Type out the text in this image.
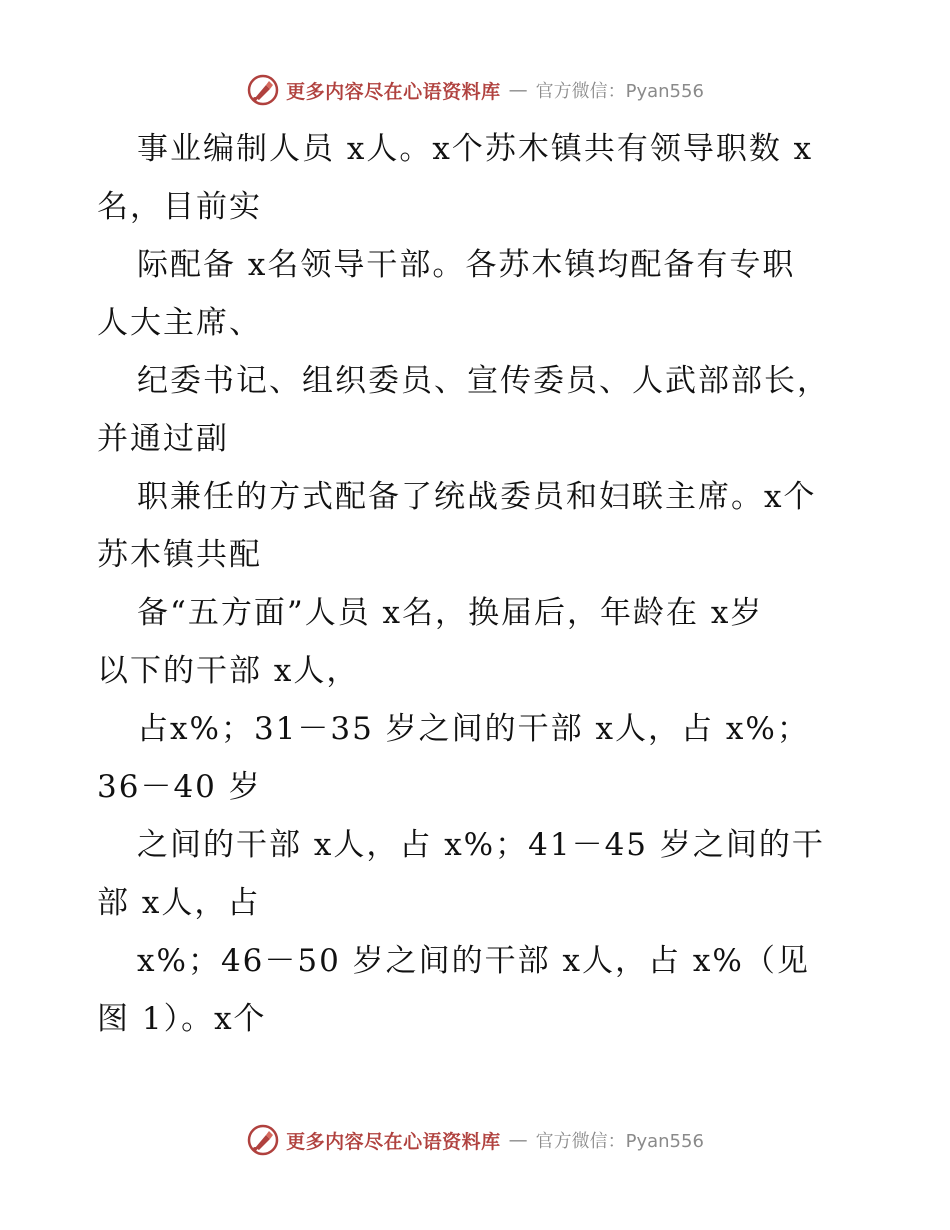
更多内容尽在心语资料库 — 官方微信：Pyan556
事业编制人员 x人。x个苏木镇共有领导职数 x
名，目前实
际配备 x名领导干部。各苏木镇均配备有专职
人大主席、
纪委书记、组织委员、宣传委员、人武部部长，
并通过副
职兼任的方式配备了统战委员和妇联主席。x个
苏木镇共配
备“五方面”人员 x名，换届后，年龄在 x岁
以下的干部 x人，
占x%；31－35 岁之间的干部 x人，占 x%；
36－40 岁
之间的干部 x人，占 x%；41－45 岁之间的干
部 x人，占
x%；46－50 岁之间的干部 x人，占 x%（见
图 1）。x个
更多内容尽在心语资料库 — 官方微信：Pyan556
